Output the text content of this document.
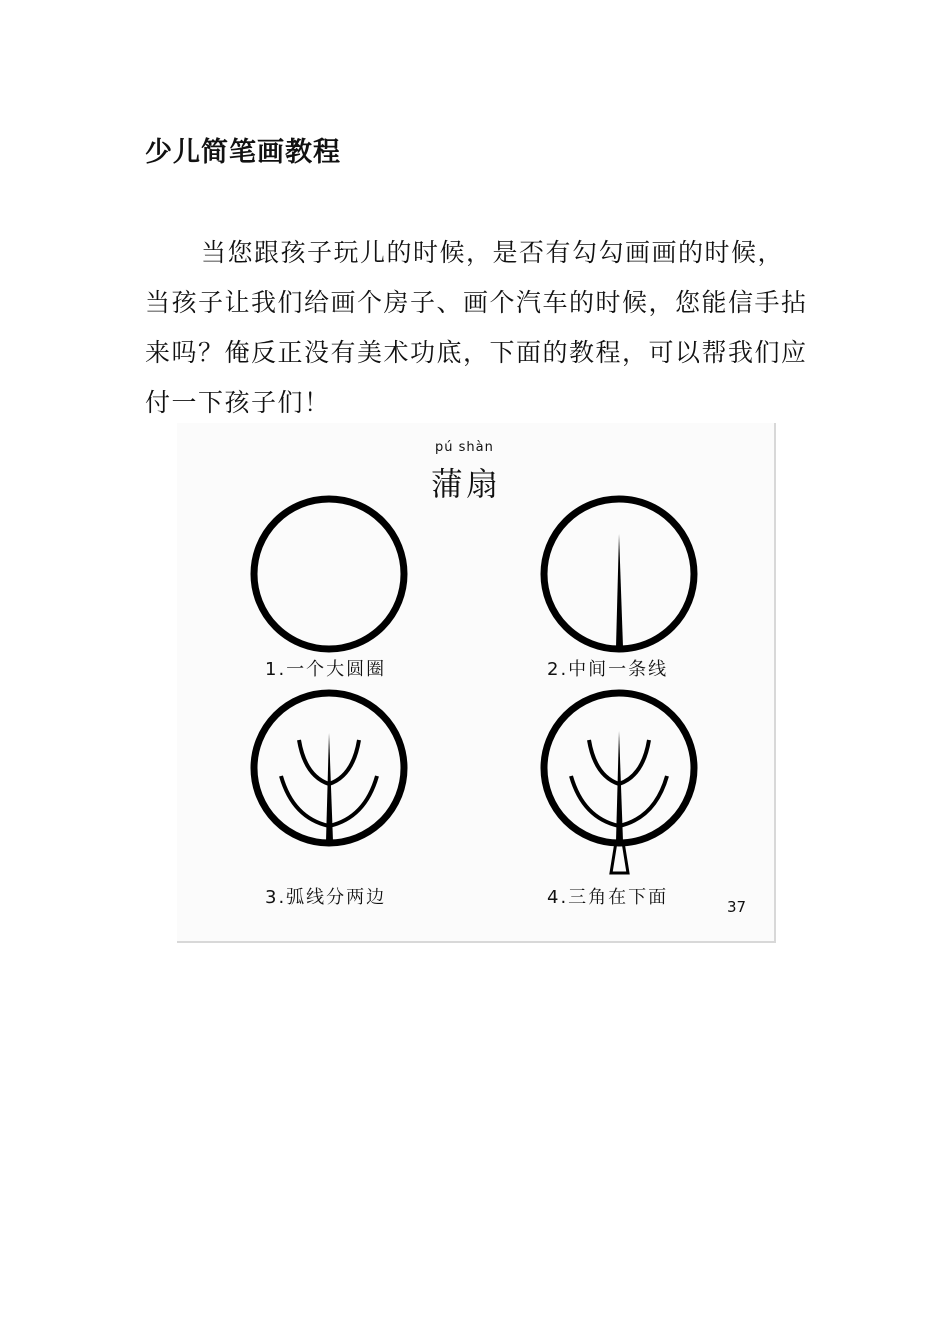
少儿简笔画教程

当您跟孩子玩儿的时候，是否有勾勾画画的时候，当孩子让我们给画个房子、画个汽车的时候，您能信手拈来吗？俺反正没有美术功底，下面的教程，可以帮我们应付一下孩子们！

pú shàn
蒲扇
1.一个大圆圈	2.中间一条线
3.弧线分两边	4.三角在下面	37
